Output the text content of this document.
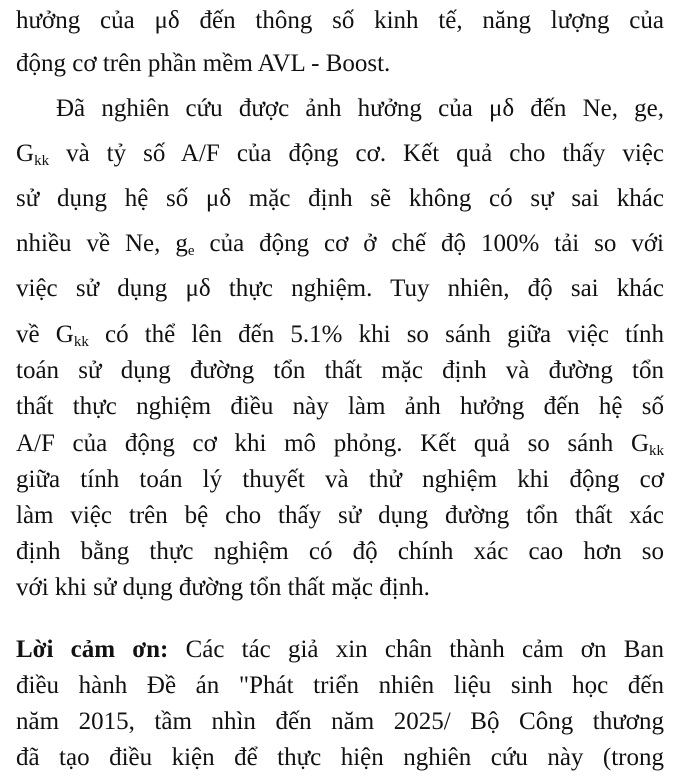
hưởng của μδ đến thông số kinh tế, năng lượng của
động cơ trên phần mềm AVL - Boost.
Đã nghiên cứu được ảnh hưởng của μδ đến Ne, ge,
$G_{kk}$ và tỷ số A/F của động cơ. Kết quả cho thấy việc
sử dụng hệ số μδ mặc định sẽ không có sự sai khác
nhiều về Ne, $g_e$ của động cơ ở chế độ 100% tải so với
việc sử dụng μδ thực nghiệm. Tuy nhiên, độ sai khác
về $G_{kk}$ có thể lên đến 5.1% khi so sánh giữa việc tính
toán sử dụng đường tổn thất mặc định và đường tổn
thất thực nghiệm điều này làm ảnh hưởng đến hệ số
A/F của động cơ khi mô phỏng. Kết quả so sánh $G_{kk}$
giữa tính toán lý thuyết và thử nghiệm khi động cơ
làm việc trên bệ cho thấy sử dụng đường tổn thất xác
định bằng thực nghiệm có độ chính xác cao hơn so
với khi sử dụng đường tổn thất mặc định.
Lời cảm ơn: Các tác giả xin chân thành cảm ơn Ban
điều hành Đề án "Phát triển nhiên liệu sinh học đến
năm 2015, tầm nhìn đến năm 2025/ Bộ Công thương
đã tạo điều kiện để thực hiện nghiên cứu này (trong
